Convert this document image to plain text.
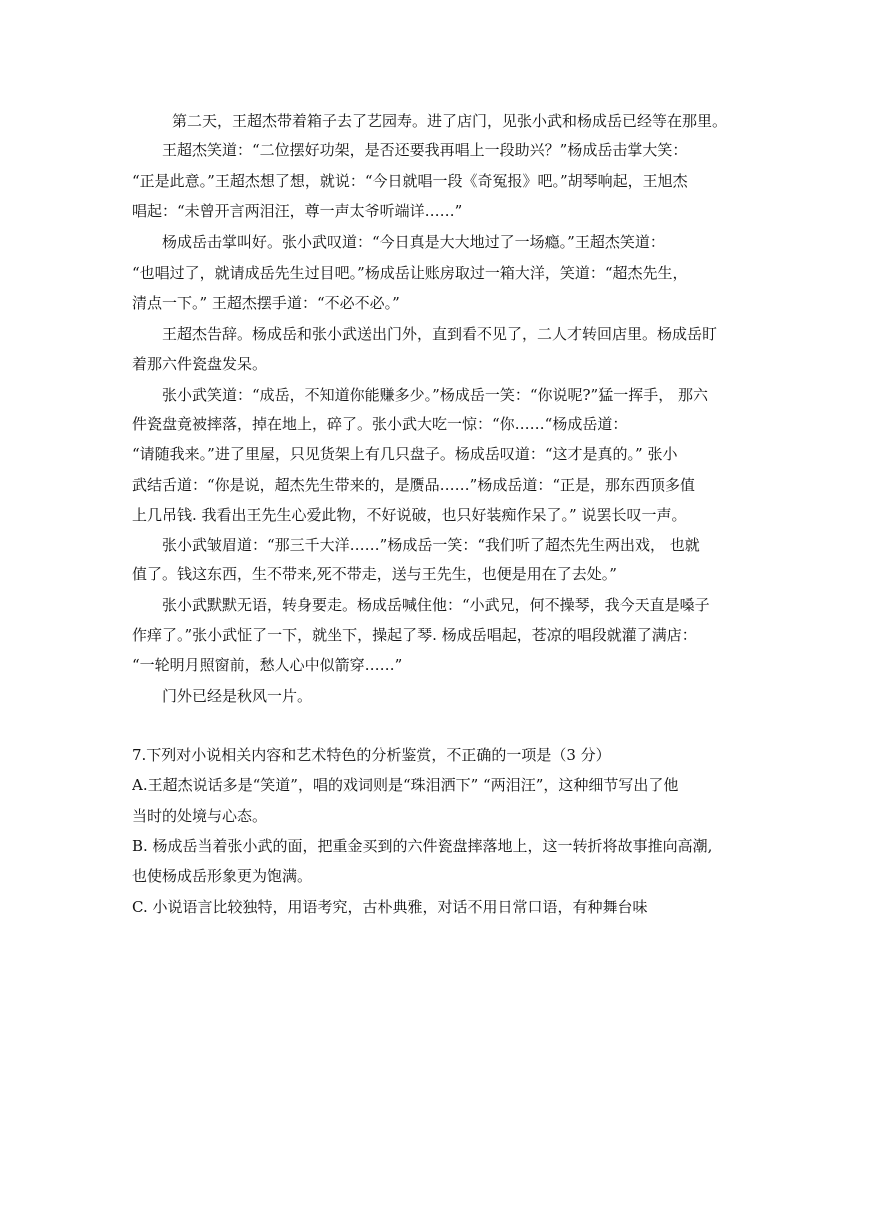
第二天，王超杰带着箱子去了艺园寿。进了店门，见张小武和杨成岳已经等在那里。
王超杰笑道：“二位摆好功架，是否还要我再唱上一段助兴？”杨成岳击掌大笑：
“正是此意。”王超杰想了想，就说：“今日就唱一段《奇冤报》吧。”胡琴响起，王旭杰
唱起：“未曾开言两泪汪，尊一声太爷听端详……”
杨成岳击掌叫好。张小武叹道：“今日真是大大地过了一场瘾。”王超杰笑道：
“也唱过了，就请成岳先生过目吧。”杨成岳让账房取过一箱大洋，笑道：“超杰先生，
清点一下。” 王超杰摆手道：“不必不必。”
王超杰告辞。杨成岳和张小武送出门外，直到看不见了，二人才转回店里。杨成岳盯
着那六件瓷盘发呆。
张小武笑道：“成岳，不知道你能赚多少。”杨成岳一笑：“你说呢?”猛一挥手， 那六
件瓷盘竟被摔落，掉在地上，碎了。张小武大吃一惊：“你……“杨成岳道：
“请随我来。”进了里屋，只见货架上有几只盘子。杨成岳叹道：“这才是真的。” 张小
武结舌道：“你是说，超杰先生带来的，是赝品……”杨成岳道：“正是，那东西顶多值
上几吊钱. 我看出王先生心爱此物，不好说破，也只好装痴作呆了。” 说罢长叹一声。
张小武皱眉道：“那三千大洋……”杨成岳一笑：“我们听了超杰先生两出戏， 也就
值了。钱这东西，生不带来,死不带走，送与王先生，也便是用在了去处。”
张小武默默无语，转身要走。杨成岳喊住他：“小武兄，何不操琴，我今天直是嗓子
作痒了。”张小武怔了一下，就坐下，操起了琴. 杨成岳唱起，苍凉的唱段就灌了满店：
“一轮明月照窗前，愁人心中似箭穿……”
门外已经是秋风一片。
7.下列对小说相关内容和艺术特色的分析鉴赏，不正确的一项是（3 分）
A.王超杰说话多是“笑道”，唱的戏词则是“珠泪洒下” “两泪汪”，这种细节写出了他
当时的处境与心态。
B. 杨成岳当着张小武的面，把重金买到的六件瓷盘摔落地上，这一转折将故事推向高潮,
也使杨成岳形象更为饱满。
C. 小说语言比较独特，用语考究，古朴典雅，对话不用日常口语，有种舞台味
